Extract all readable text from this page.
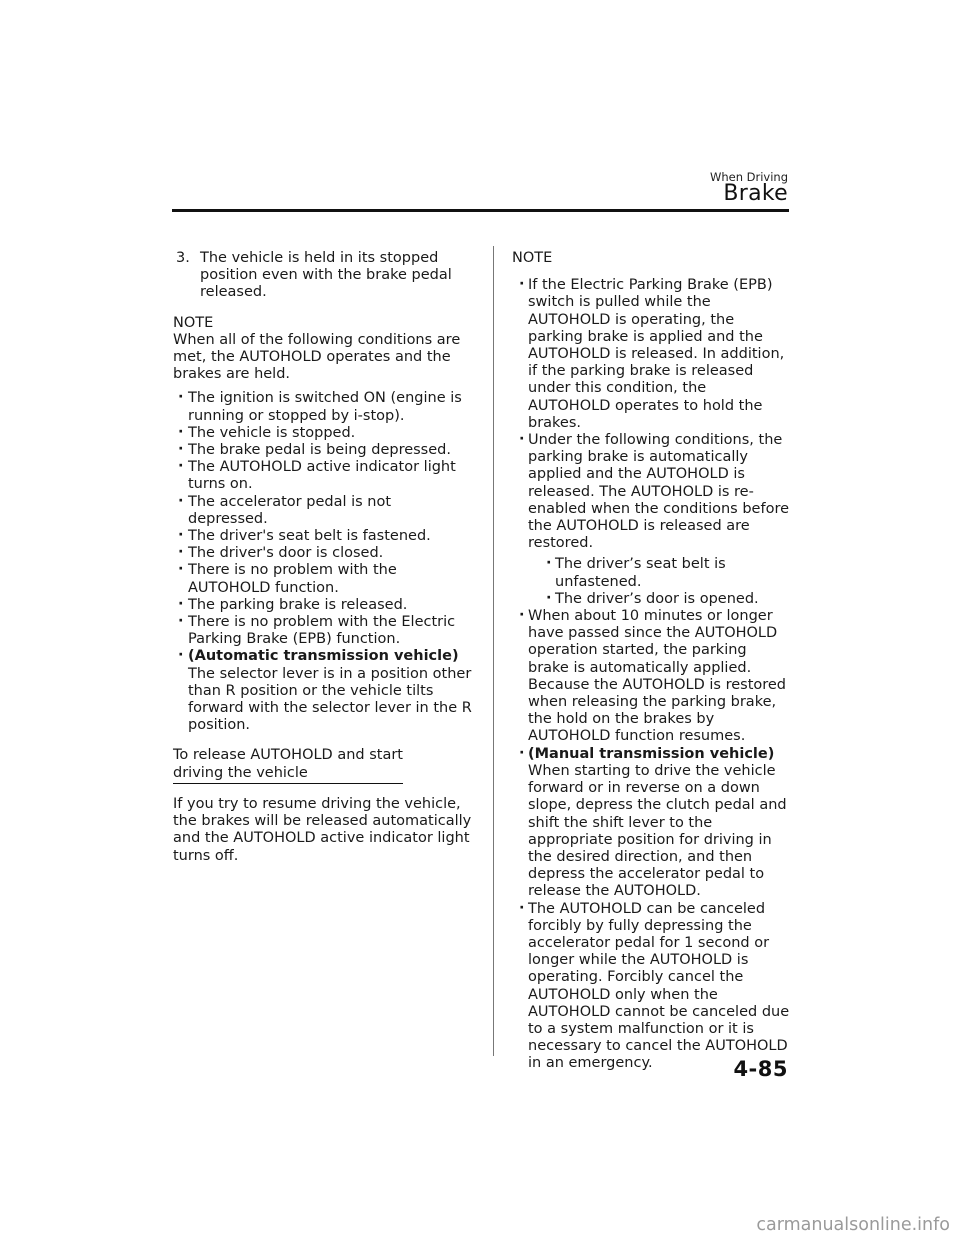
When Driving
Brake
3. The vehicle is held in its stopped position even with the brake pedal released.

NOTE

When all of the following conditions are met, the AUTOHOLD operates and the brakes are held.

· The ignition is switched ON (engine is running or stopped by i-stop).
· The vehicle is stopped.
· The brake pedal is being depressed.
· The AUTOHOLD active indicator light turns on.
· The accelerator pedal is not depressed.
· The driver's seat belt is fastened.
· The driver's door is closed.
· There is no problem with the AUTOHOLD function.
· The parking brake is released.
· There is no problem with the Electric Parking Brake (EPB) function.
· (Automatic transmission vehicle)
The selector lever is in a position other than R position or the vehicle tilts forward with the selector lever in the R position.
To release AUTOHOLD and start
driving the vehicle

If you try to resume driving the vehicle, the brakes will be released automatically and the AUTOHOLD active indicator light turns off.

NOTE

· If the Electric Parking Brake (EPB) switch is pulled while the AUTOHOLD is operating, the parking brake is applied and the AUTOHOLD is released. In addition, if the parking brake is released under this condition, the AUTOHOLD operates to hold the brakes.
· Under the following conditions, the parking brake is automatically applied and the AUTOHOLD is released. The AUTOHOLD is re-enabled when the conditions before the AUTOHOLD is released are restored.
· The driver’s seat belt is unfastened.
· The driver’s door is opened.
· When about 10 minutes or longer have passed since the AUTOHOLD operation started, the parking brake is automatically applied. Because the AUTOHOLD is restored when releasing the parking brake, the hold on the brakes by AUTOHOLD function resumes.
· (Manual transmission vehicle)
When starting to drive the vehicle forward or in reverse on a down slope, depress the clutch pedal and shift the shift lever to the appropriate position for driving in the desired direction, and then depress the accelerator pedal to release the AUTOHOLD.
· The AUTOHOLD can be canceled forcibly by fully depressing the accelerator pedal for 1 second or longer while the AUTOHOLD is operating. Forcibly cancel the AUTOHOLD only when the AUTOHOLD cannot be canceled due to a system malfunction or it is necessary to cancel the AUTOHOLD in an emergency.	4-85
carmanualsonline.info
